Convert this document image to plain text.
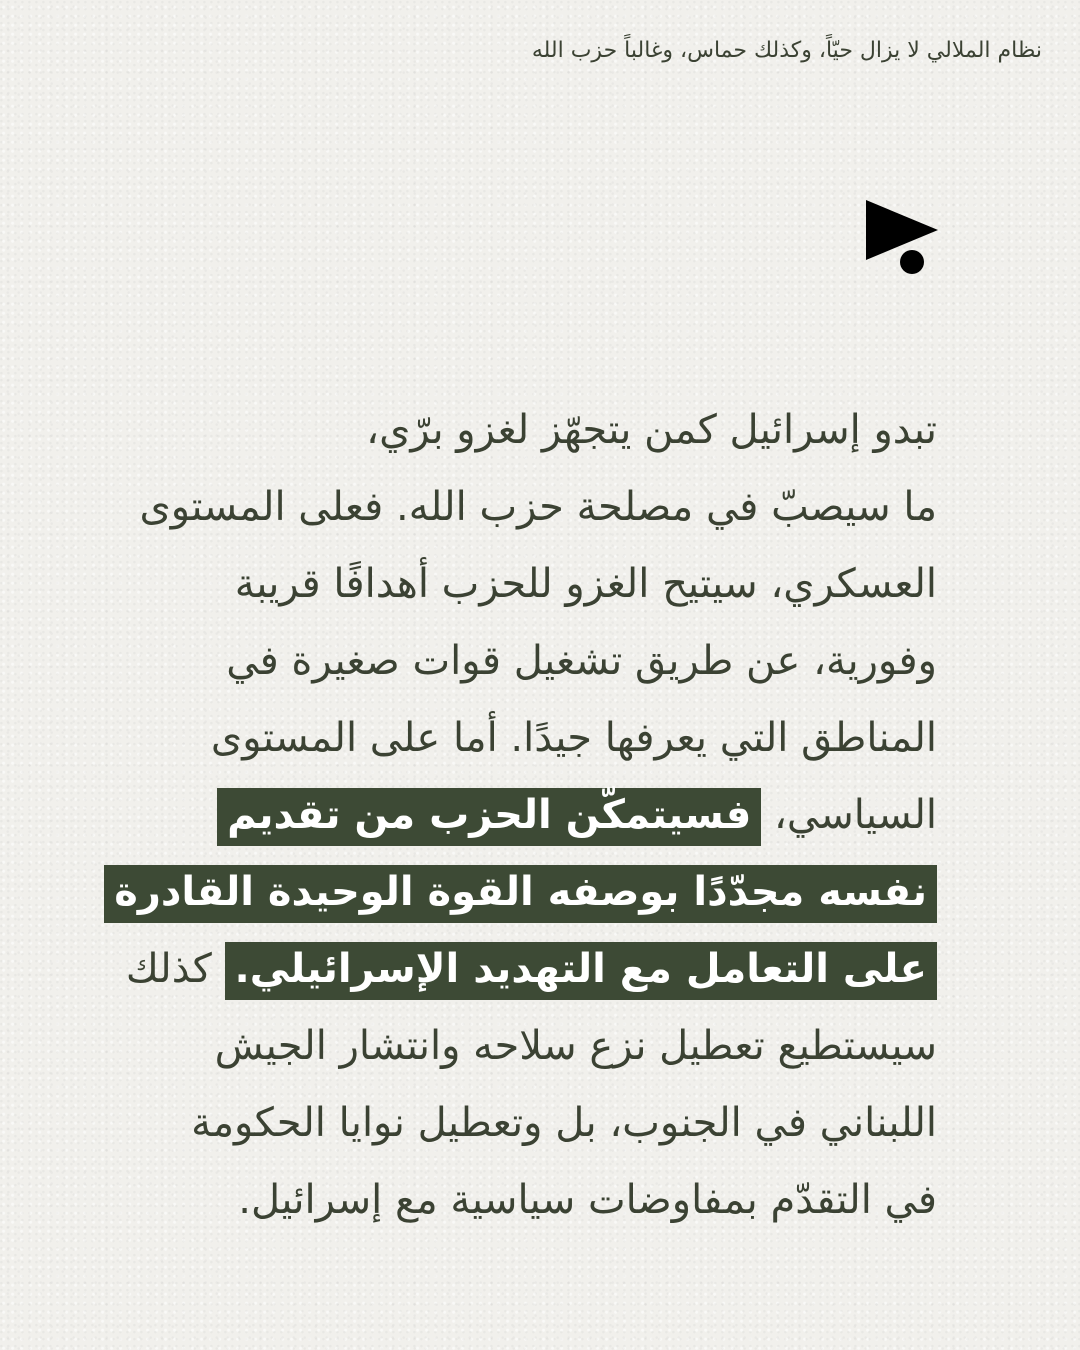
نظام الملالي لا يزال حيّاً، وكذلك حماس، وغالباً حزب الله
تبدو إسرائيل كمن يتجهّز لغزو برّي،
ما سيصبّ في مصلحة حزب الله. فعلى المستوى
العسكري، سيتيح الغزو للحزب أهدافًا قريبة
وفورية، عن طريق تشغيل قوات صغيرة في
المناطق التي يعرفها جيدًا. أما على المستوى
السياسي، فسيتمكّن الحزب من تقديم
نفسه مجدّدًا بوصفه القوة الوحيدة القادرة
على التعامل مع التهديد الإسرائيلي. كذلك
سيستطيع تعطيل نزع سلاحه وانتشار الجيش
اللبناني في الجنوب، بل وتعطيل نوايا الحكومة
في التقدّم بمفاوضات سياسية مع إسرائيل.
